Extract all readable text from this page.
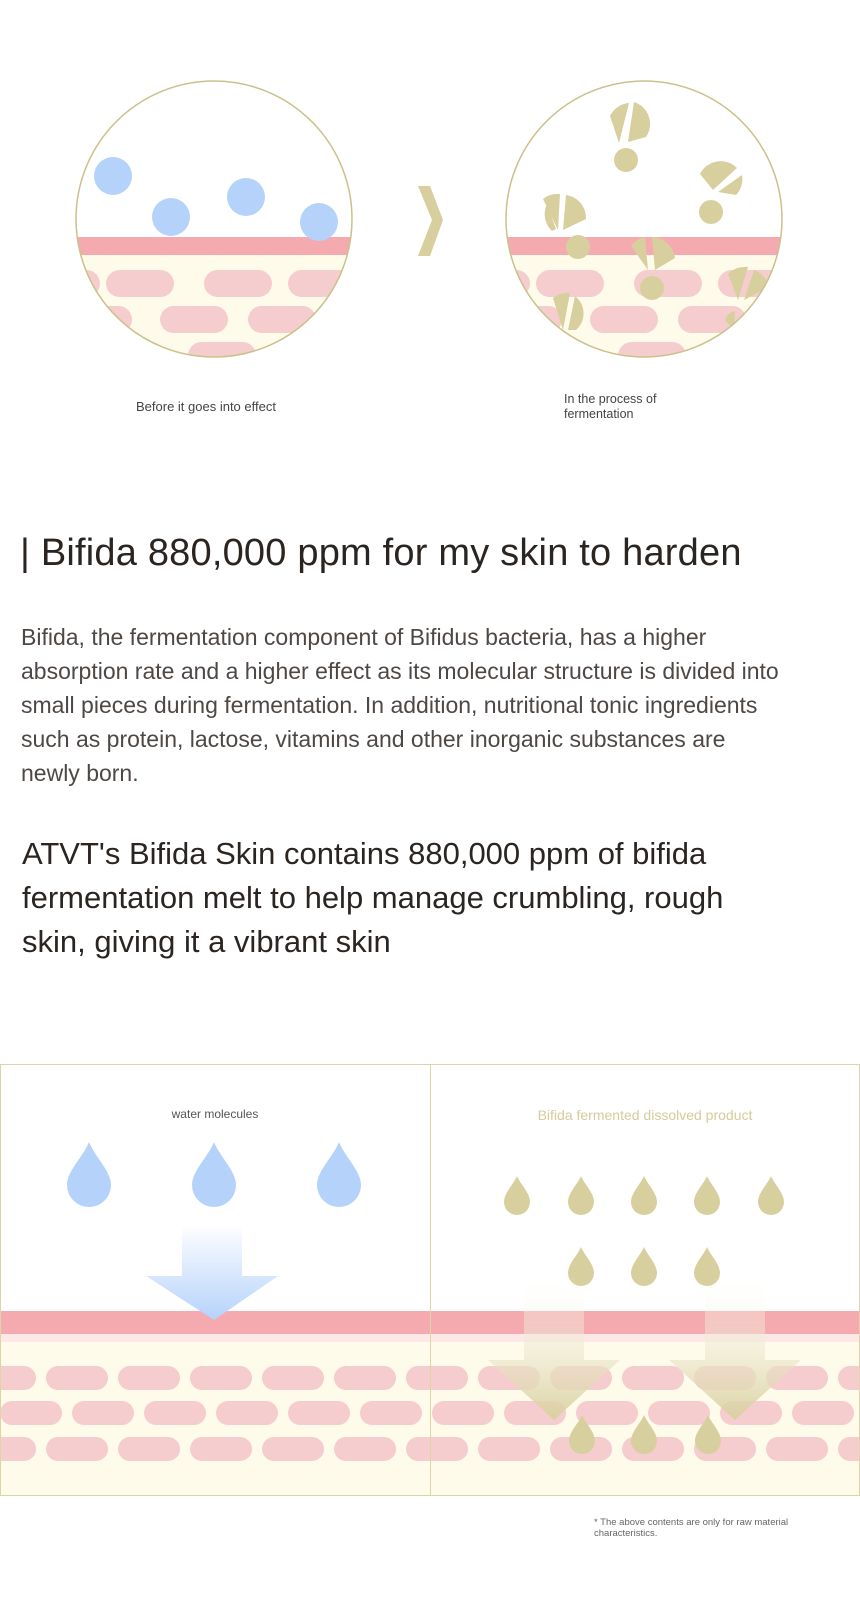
Before it goes into effect	In the process of fermentation
| Bifida 880,000 ppm for my skin to harden
Bifida, the fermentation component of Bifidus bacteria, has a higher absorption rate and a higher effect as its molecular structure is divided into small pieces during fermentation. In addition, nutritional tonic ingredients such as protein, lactose, vitamins and other inorganic substances are newly born.
ATVT's Bifida Skin contains 880,000 ppm of bifida fermentation melt to help manage crumbling, rough skin, giving it a vibrant skin
water molecules	Bifida fermented dissolved product
* The above contents are only for raw material characteristics.
